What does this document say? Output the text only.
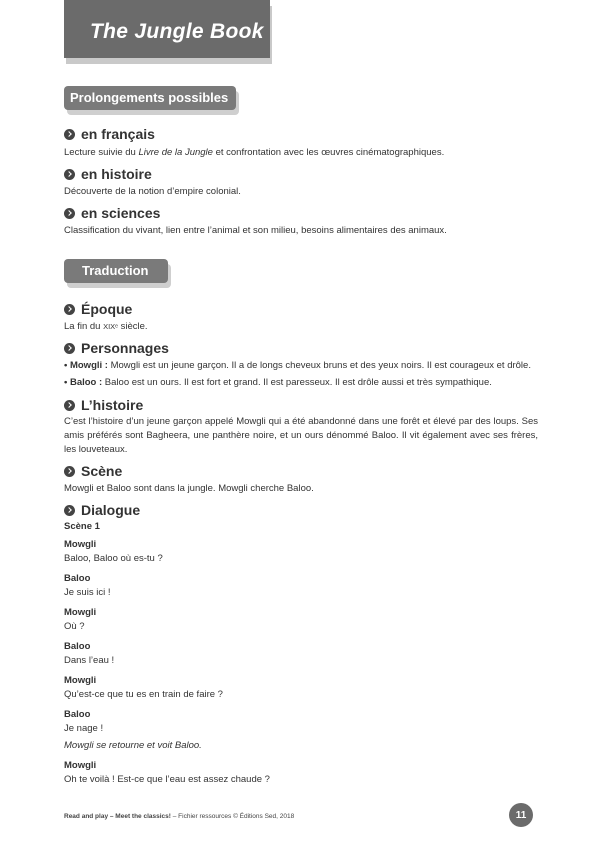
The Jungle Book
Prolongements possibles
en français
Lecture suivie du Livre de la Jungle et confrontation avec les œuvres cinématographiques.
en histoire
Découverte de la notion d’empire colonial.
en sciences
Classification du vivant, lien entre l’animal et son milieu, besoins alimentaires des animaux.
Traduction
Époque
La fin du XIXᵉ siècle.
Personnages
• Mowgli : Mowgli est un jeune garçon. Il a de longs cheveux bruns et des yeux noirs. Il est courageux et drôle.
• Baloo : Baloo est un ours. Il est fort et grand. Il est paresseux. Il est drôle aussi et très sympathique.
L’histoire
C’est l’histoire d’un jeune garçon appelé Mowgli qui a été abandonné dans une forêt et élevé par des loups. Ses amis préférés sont Bagheera, une panthère noire, et un ours dénommé Baloo. Il vit également avec ses frères, les louveteaux.
Scène
Mowgli et Baloo sont dans la jungle. Mowgli cherche Baloo.
Dialogue
Scène 1
Mowgli
Baloo, Baloo où es-tu ?
Baloo
Je suis ici !
Mowgli
Où ?
Baloo
Dans l’eau !
Mowgli
Qu’est-ce que tu es en train de faire ?
Baloo
Je nage !
Mowgli se retourne et voit Baloo.
Mowgli
Oh te voilà ! Est-ce que l’eau est assez chaude ?
Read and play – Meet the classics! – Fichier ressources © Éditions Sed, 2018	11
